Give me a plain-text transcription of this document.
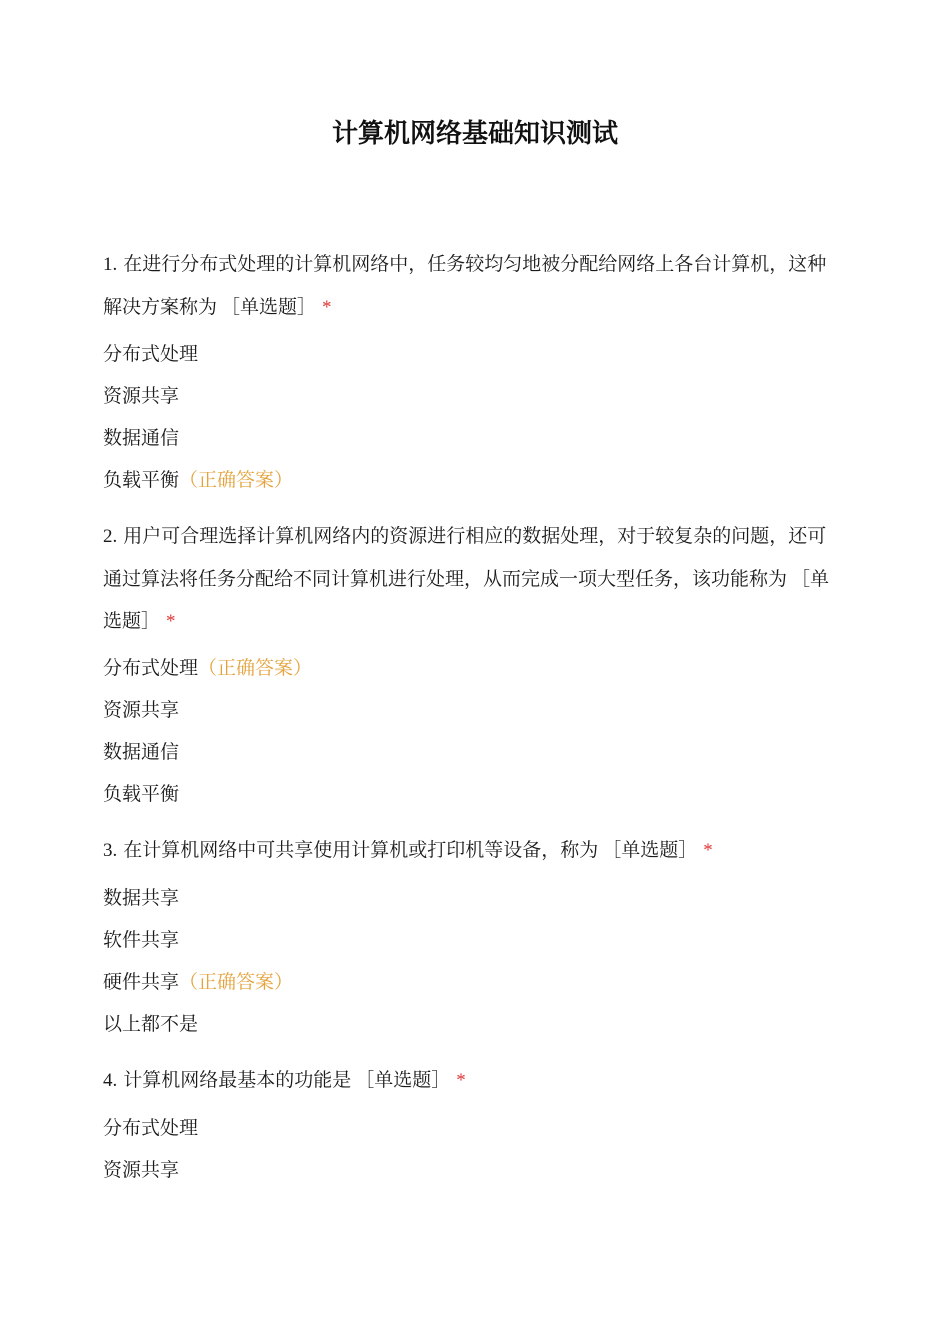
计算机网络基础知识测试
1. 在进行分布式处理的计算机网络中，任务较均匀地被分配给网络上各台计算机，这种解决方案称为 ［单选题］ *
分布式处理
资源共享
数据通信
负载平衡（正确答案）
2. 用户可合理选择计算机网络内的资源进行相应的数据处理，对于较复杂的问题，还可通过算法将任务分配给不同计算机进行处理，从而完成一项大型任务，该功能称为 ［单选题］ *
分布式处理（正确答案）
资源共享
数据通信
负载平衡
3. 在计算机网络中可共享使用计算机或打印机等设备，称为 ［单选题］ *
数据共享
软件共享
硬件共享（正确答案）
以上都不是
4. 计算机网络最基本的功能是 ［单选题］ *
分布式处理
资源共享
